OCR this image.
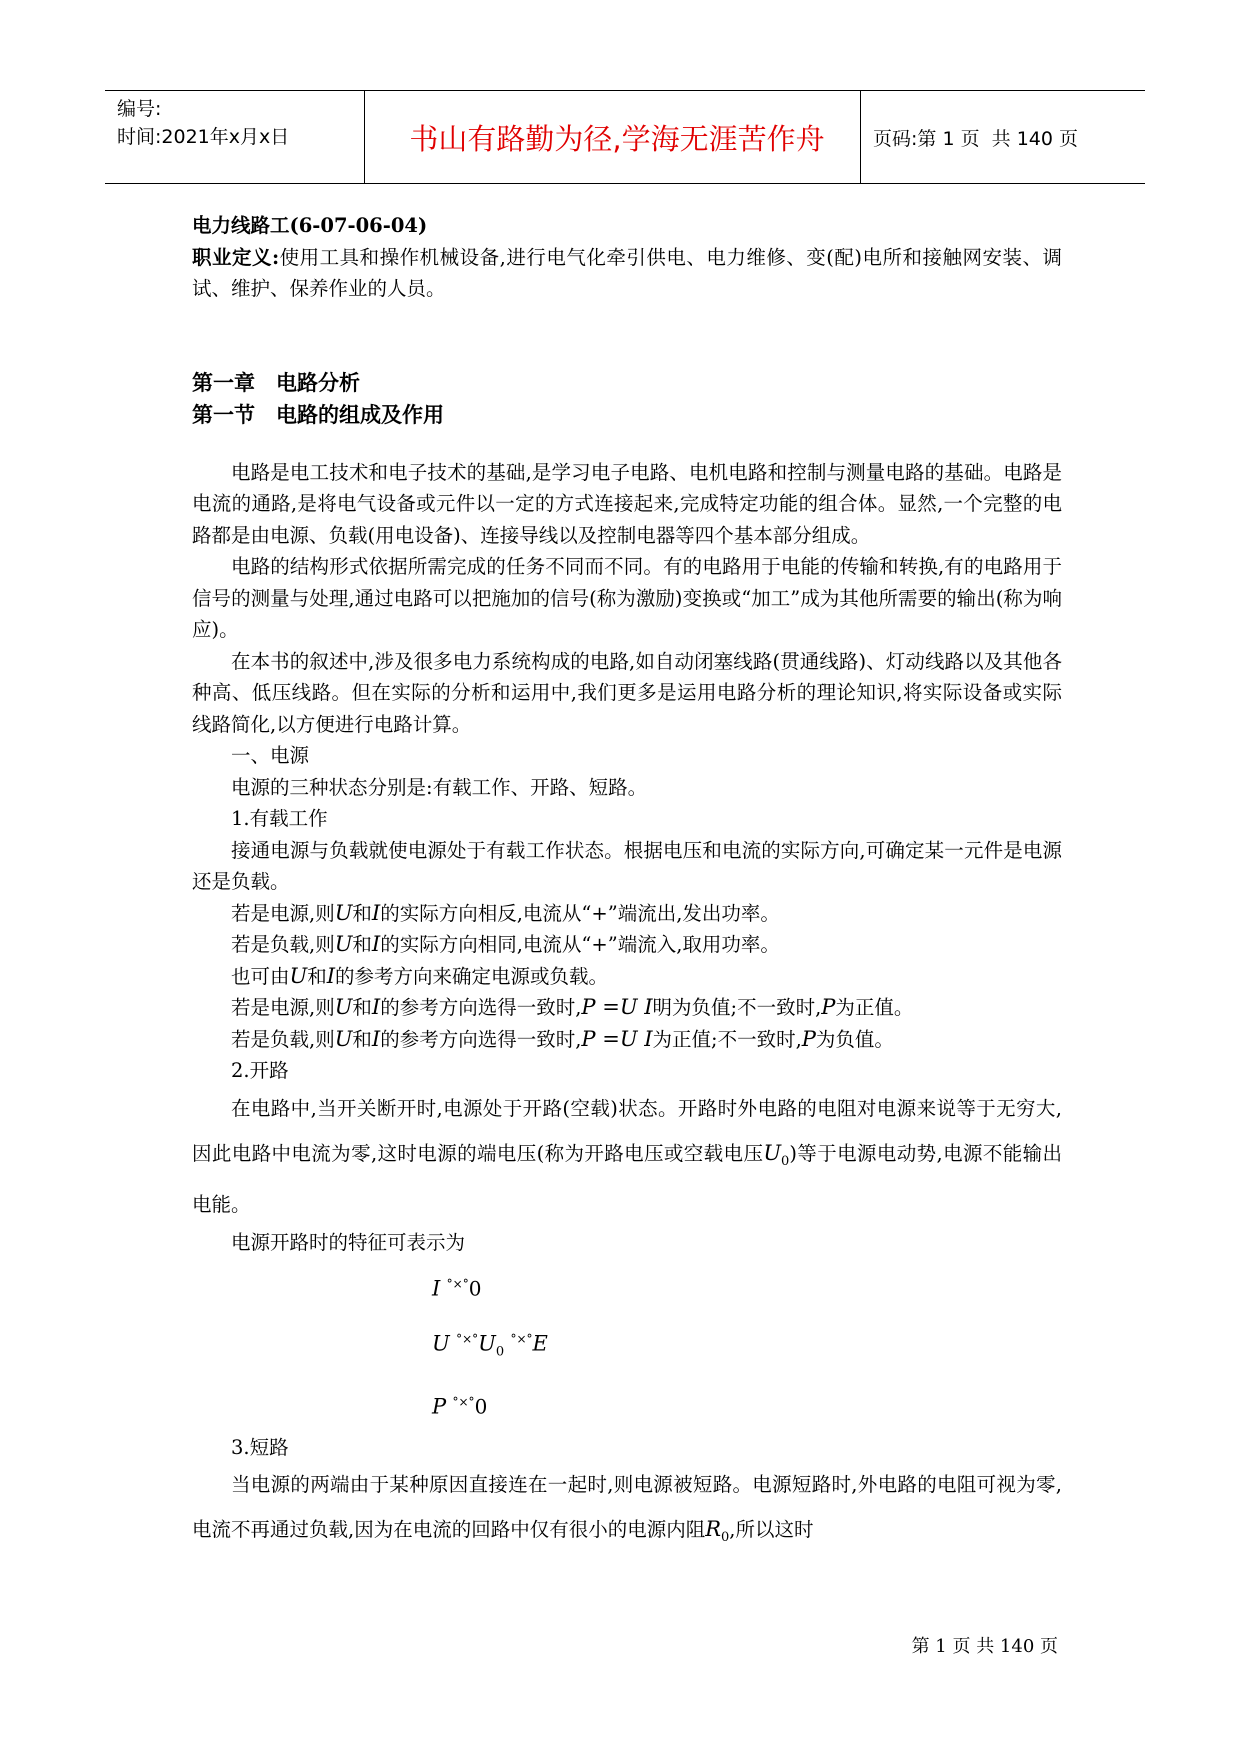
编号:
时间:2021年x月x日	书山有路勤为径,学海无涯苦作舟	页码:第 1 页  共 140 页

电力线路工(6-07-06-04)

职业定义:使用工具和操作机械设备,进行电气化牵引供电、电力维修、变(配)电所和接触网安装、调试、维护、保养作业的人员。

第一章　电路分析

第一节　电路的组成及作用

电路是电工技术和电子技术的基础,是学习电子电路、电机电路和控制与测量电路的基础。电路是电流的通路,是将电气设备或元件以一定的方式连接起来,完成特定功能的组合体。显然,一个完整的电路都是由电源、负载(用电设备)、连接导线以及控制电器等四个基本部分组成。

电路的结构形式依据所需完成的任务不同而不同。有的电路用于电能的传输和转换,有的电路用于信号的测量与处理,通过电路可以把施加的信号(称为激励)变换或“加工”成为其他所需要的输出(称为响应)。

在本书的叙述中,涉及很多电力系统构成的电路,如自动闭塞线路(贯通线路)、灯动线路以及其他各种高、低压线路。但在实际的分析和运用中,我们更多是运用电路分析的理论知识,将实际设备或实际线路简化,以方便进行电路计算。

一、电源

电源的三种状态分别是:有载工作、开路、短路。

1.有载工作

接通电源与负载就使电源处于有载工作状态。根据电压和电流的实际方向,可确定某一元件是电源还是负载。

若是电源,则U和I的实际方向相反,电流从“+”端流出,发出功率。

若是负载,则U和I的实际方向相同,电流从“+”端流入,取用功率。

也可由U和I的参考方向来确定电源或负载。

若是电源,则U和I的参考方向选得一致时,P =U I明为负值;不一致时,P为正值。

若是负载,则U和I的参考方向选得一致时,P =U I为正值;不一致时,P为负值。

2.开路

在电路中,当开关断开时,电源处于开路(空载)状态。开路时外电路的电阻对电源来说等于无穷大,因此电路中电流为零,这时电源的端电压(称为开路电压或空载电压$U_0$)等于电源电动势,电源不能输出电能。

电源开路时的特征可表示为

I °×°0
U $^{^\circ\times^\circ}U_0$ °×°E
P °×°0

3.短路

当电源的两端由于某种原因直接连在一起时,则电源被短路。电源短路时,外电路的电阻可视为零,电流不再通过负载,因为在电流的回路中仅有很小的电源内阻$R_0$,所以这时

第 1 页 共 140 页
